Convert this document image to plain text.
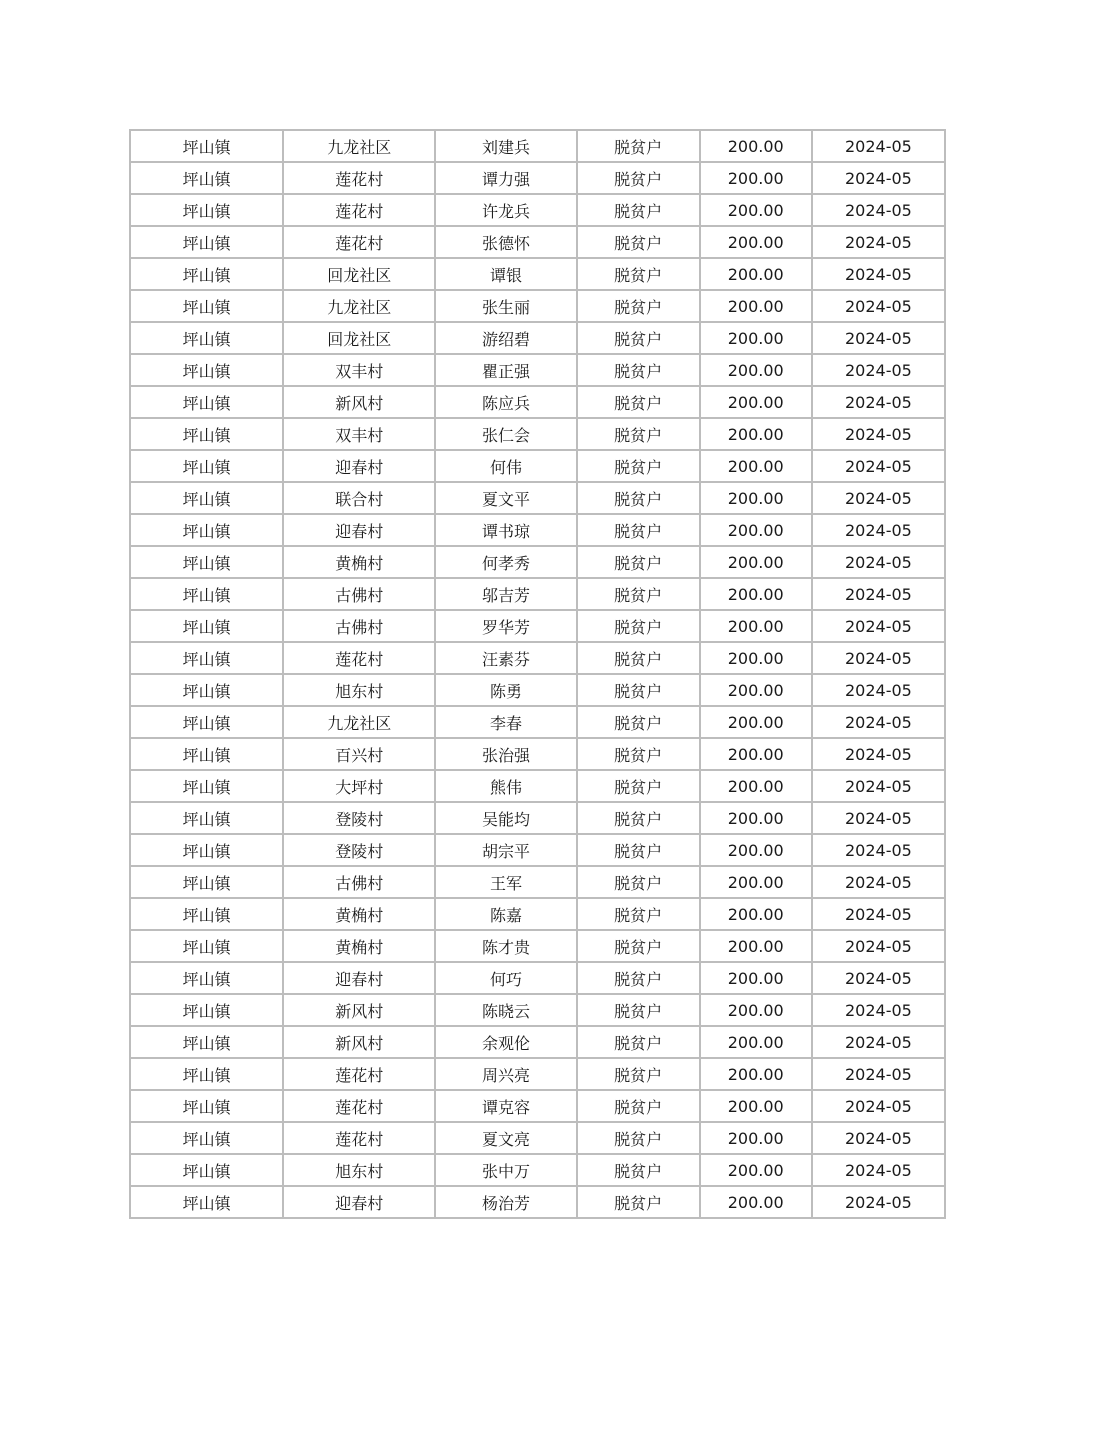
坪山镇	九龙社区	刘建兵	脱贫户	200.00	2024-05
坪山镇	莲花村	谭力强	脱贫户	200.00	2024-05
坪山镇	莲花村	许龙兵	脱贫户	200.00	2024-05
坪山镇	莲花村	张德怀	脱贫户	200.00	2024-05
坪山镇	回龙社区	谭银	脱贫户	200.00	2024-05
坪山镇	九龙社区	张生丽	脱贫户	200.00	2024-05
坪山镇	回龙社区	游绍碧	脱贫户	200.00	2024-05
坪山镇	双丰村	瞿正强	脱贫户	200.00	2024-05
坪山镇	新风村	陈应兵	脱贫户	200.00	2024-05
坪山镇	双丰村	张仁会	脱贫户	200.00	2024-05
坪山镇	迎春村	何伟	脱贫户	200.00	2024-05
坪山镇	联合村	夏文平	脱贫户	200.00	2024-05
坪山镇	迎春村	谭书琼	脱贫户	200.00	2024-05
坪山镇	黄桷村	何孝秀	脱贫户	200.00	2024-05
坪山镇	古佛村	邬吉芳	脱贫户	200.00	2024-05
坪山镇	古佛村	罗华芳	脱贫户	200.00	2024-05
坪山镇	莲花村	汪素芬	脱贫户	200.00	2024-05
坪山镇	旭东村	陈勇	脱贫户	200.00	2024-05
坪山镇	九龙社区	李春	脱贫户	200.00	2024-05
坪山镇	百兴村	张治强	脱贫户	200.00	2024-05
坪山镇	大坪村	熊伟	脱贫户	200.00	2024-05
坪山镇	登陵村	吴能均	脱贫户	200.00	2024-05
坪山镇	登陵村	胡宗平	脱贫户	200.00	2024-05
坪山镇	古佛村	王军	脱贫户	200.00	2024-05
坪山镇	黄桷村	陈嘉	脱贫户	200.00	2024-05
坪山镇	黄桷村	陈才贵	脱贫户	200.00	2024-05
坪山镇	迎春村	何巧	脱贫户	200.00	2024-05
坪山镇	新风村	陈晓云	脱贫户	200.00	2024-05
坪山镇	新风村	余观伦	脱贫户	200.00	2024-05
坪山镇	莲花村	周兴亮	脱贫户	200.00	2024-05
坪山镇	莲花村	谭克容	脱贫户	200.00	2024-05
坪山镇	莲花村	夏文亮	脱贫户	200.00	2024-05
坪山镇	旭东村	张中万	脱贫户	200.00	2024-05
坪山镇	迎春村	杨治芳	脱贫户	200.00	2024-05
